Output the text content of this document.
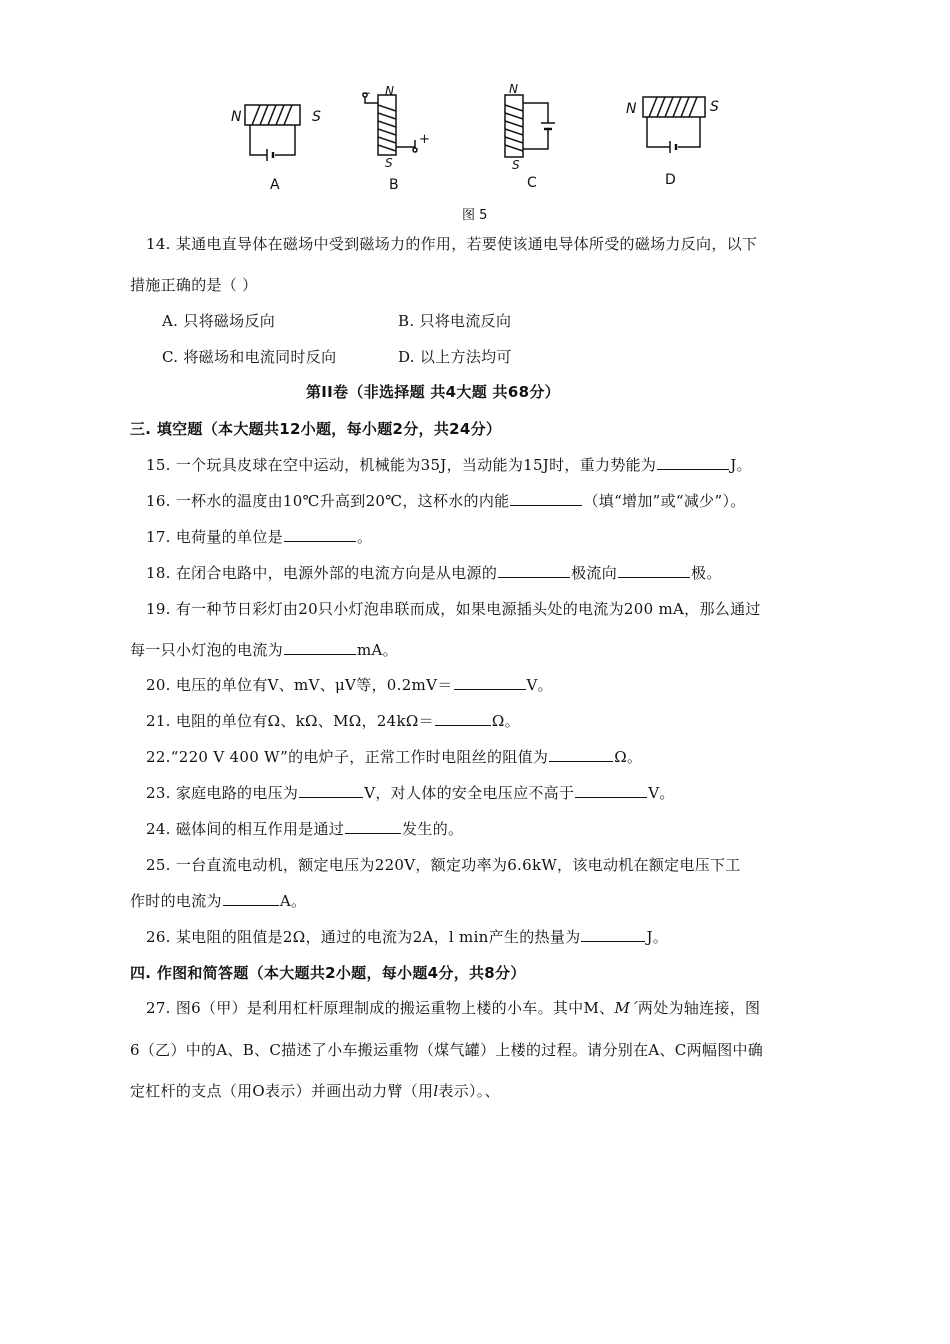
N	S
N
S
−
+
N
S
N	S
A	B	C	D
图 5
14. 某通电直导体在磁场中受到磁场力的作用，若要使该通电导体所受的磁场力反向，以下
措施正确的是（ ）
A. 只将磁场反向	B. 只将电流反向
C. 将磁场和电流同时反向	D. 以上方法均可
第II卷（非选择题 共4大题 共68分）
三. 填空题（本大题共12小题，每小题2分，共24分）
15. 一个玩具皮球在空中运动，机械能为35J，当动能为15J时，重力势能为	J。
16. 一杯水的温度由10℃升高到20℃，这杯水的内能	（填“增加”或“减少”）。
17. 电荷量的单位是	。
18. 在闭合电路中，电源外部的电流方向是从电源的	极流向	极。
19. 有一种节日彩灯由20只小灯泡串联而成，如果电源插头处的电流为200 mA，那么通过
每一只小灯泡的电流为	mA。
20. 电压的单位有V、mV、μV等，0.2mV＝	V。
21. 电阻的单位有Ω、kΩ、MΩ，24kΩ＝	Ω。
22.“220 V 400 W”的电炉子，正常工作时电阻丝的阻值为	Ω。
23. 家庭电路的电压为	V，对人体的安全电压应不高于	V。
24. 磁体间的相互作用是通过	发生的。
25. 一台直流电动机，额定电压为220V，额定功率为6.6kW，该电动机在额定电压下工
作时的电流为	A。
26. 某电阻的阻值是2Ω，通过的电流为2A，l min产生的热量为	J。
四. 作图和简答题（本大题共2小题，每小题4分，共8分）
27. 图6（甲）是利用杠杆原理制成的搬运重物上楼的小车。其中M、M´两处为轴连接，图
6（乙）中的A、B、C描述了小车搬运重物（煤气罐）上楼的过程。请分别在A、C两幅图中确
定杠杆的支点（用O表示）并画出动力臂（用l表示）。、
